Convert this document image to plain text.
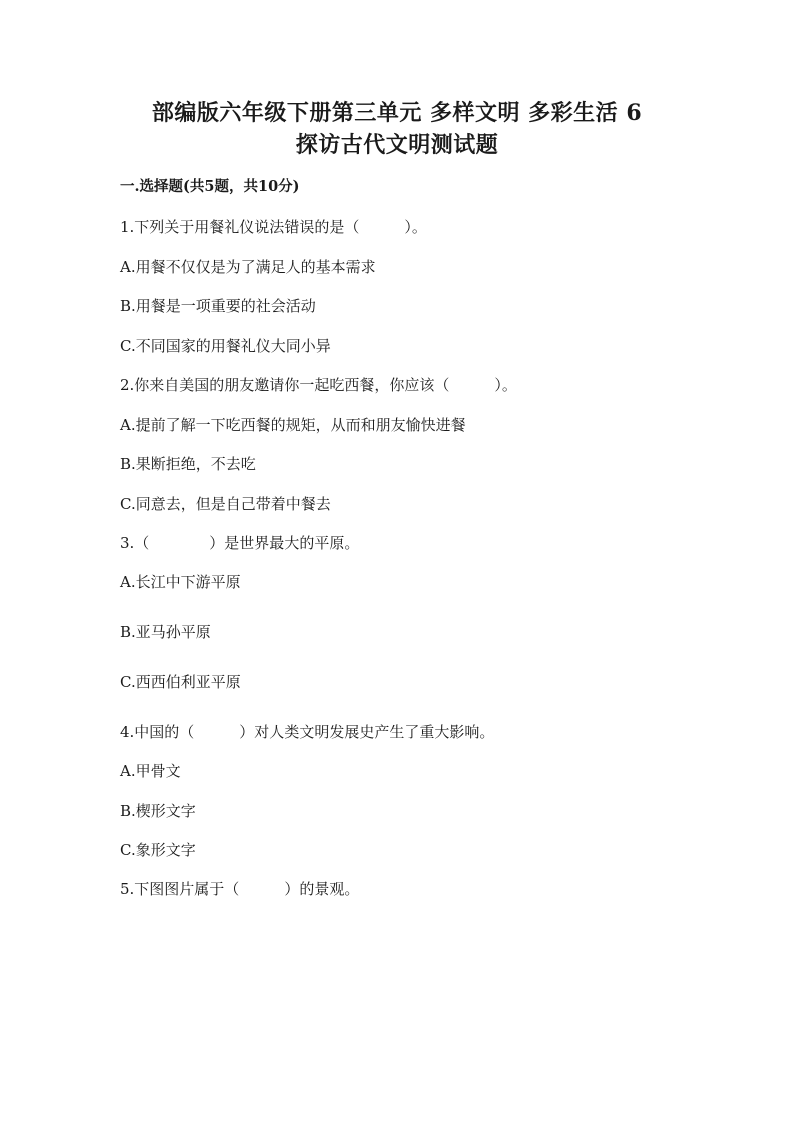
部编版六年级下册第三单元 多样文明 多彩生活 6
探访古代文明测试题
一.选择题(共5题，共10分)
1.下列关于用餐礼仪说法错误的是（　　　）。
A.用餐不仅仅是为了满足人的基本需求
B.用餐是一项重要的社会活动
C.不同国家的用餐礼仪大同小异
2.你来自美国的朋友邀请你一起吃西餐，你应该（　　　）。
A.提前了解一下吃西餐的规矩，从而和朋友愉快进餐
B.果断拒绝，不去吃
C.同意去，但是自己带着中餐去
3.（　　　　）是世界最大的平原。
A.长江中下游平原
B.亚马孙平原
C.西西伯利亚平原
4.中国的（　　　）对人类文明发展史产生了重大影响。
A.甲骨文
B.楔形文字
C.象形文字
5.下图图片属于（　　　）的景观。
